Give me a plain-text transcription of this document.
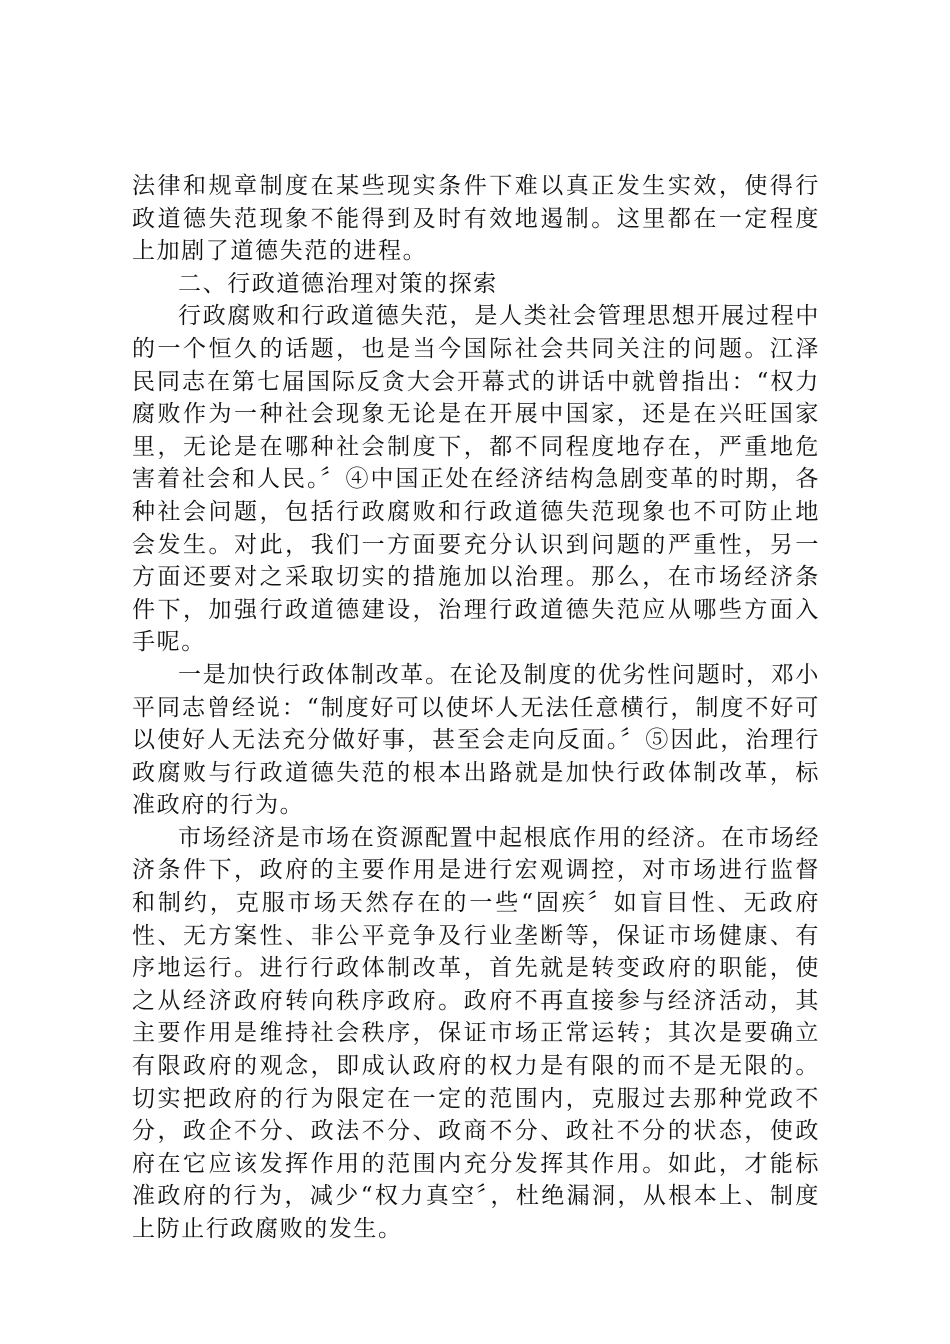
法律和规章制度在某些现实条件下难以真正发生实效，使得行政道德失范现象不能得到及时有效地遏制。这里都在一定程度上加剧了道德失范的进程。

二、行政道德治理对策的探索

行政腐败和行政道德失范，是人类社会管理思想开展过程中的一个恒久的话题，也是当今国际社会共同关注的问题。江泽民同志在第七届国际反贪大会开幕式的讲话中就曾指出：“权力腐败作为一种社会现象无论是在开展中国家，还是在兴旺国家里，无论是在哪种社会制度下，都不同程度地存在，严重地危害着社会和人民。〞④中国正处在经济结构急剧变革的时期，各种社会问题，包括行政腐败和行政道德失范现象也不可防止地会发生。对此，我们一方面要充分认识到问题的严重性，另一方面还要对之采取切实的措施加以治理。那么，在市场经济条件下，加强行政道德建设，治理行政道德失范应从哪些方面入手呢。

一是加快行政体制改革。在论及制度的优劣性问题时，邓小平同志曾经说：“制度好可以使坏人无法任意横行，制度不好可以使好人无法充分做好事，甚至会走向反面。〞⑤因此，治理行政腐败与行政道德失范的根本出路就是加快行政体制改革，标准政府的行为。

市场经济是市场在资源配置中起根底作用的经济。在市场经济条件下，政府的主要作用是进行宏观调控，对市场进行监督和制约，克服市场天然存在的一些“固疾〞如盲目性、无政府性、无方案性、非公平竞争及行业垄断等，保证市场健康、有序地运行。进行行政体制改革，首先就是转变政府的职能，使之从经济政府转向秩序政府。政府不再直接参与经济活动，其主要作用是维持社会秩序，保证市场正常运转；其次是要确立有限政府的观念，即成认政府的权力是有限的而不是无限的。切实把政府的行为限定在一定的范围内，克服过去那种党政不分，政企不分、政法不分、政商不分、政社不分的状态，使政府在它应该发挥作用的范围内充分发挥其作用。如此，才能标准政府的行为，减少“权力真空〞，杜绝漏洞，从根本上、制度上防止行政腐败的发生。
